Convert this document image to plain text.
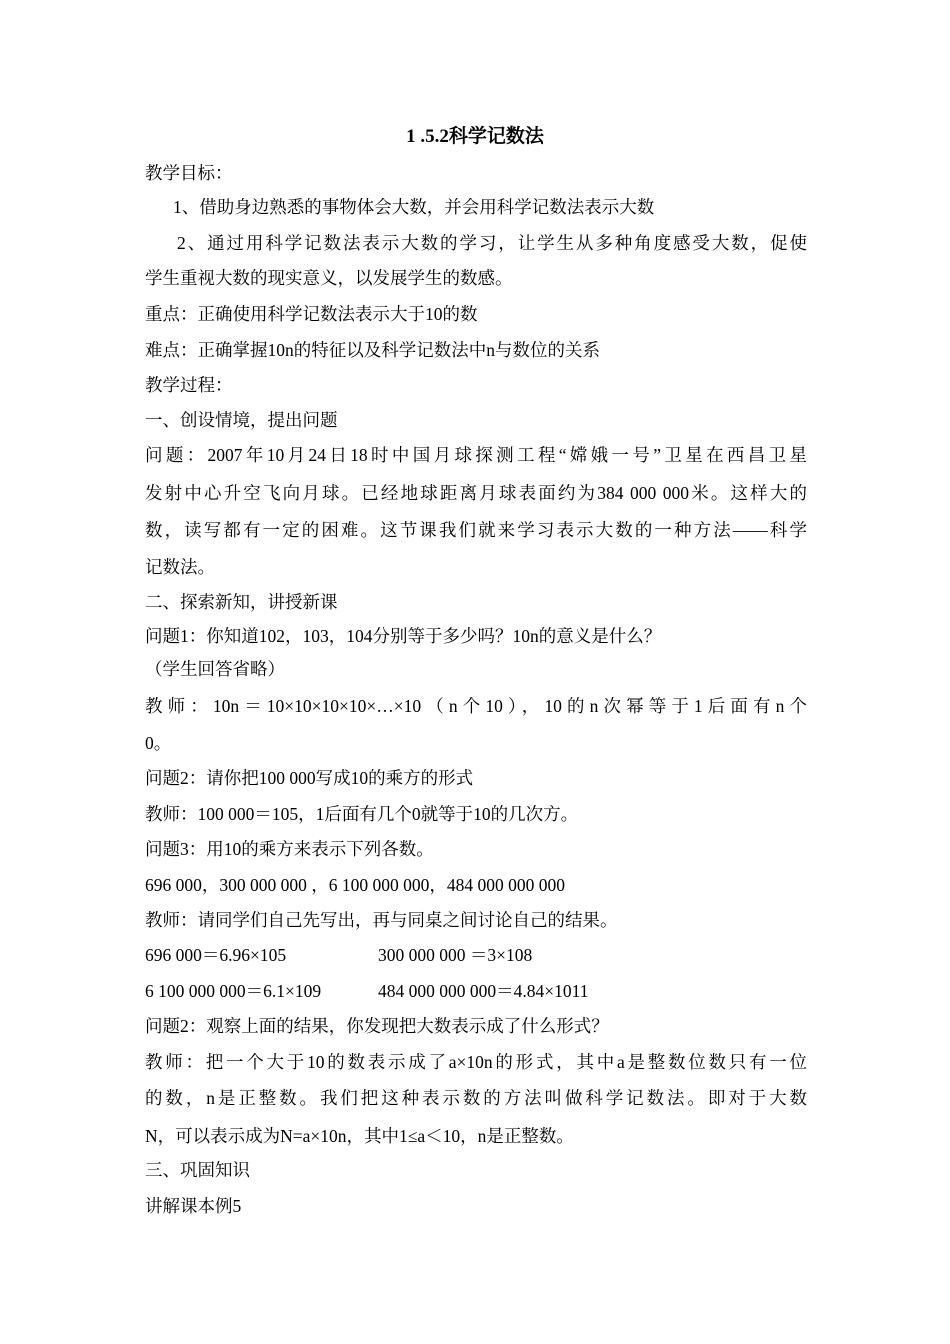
1 .5.2科学记数法
教学目标：
1、借助身边熟悉的事物体会大数，并会用科学记数法表示大数
2、通过用科学记数法表示大数的学习，让学生从多种角度感受大数，促使
学生重视大数的现实意义，以发展学生的数感。
重点：正确使用科学记数法表示大于10的数
难点：正确掌握10n的特征以及科学记数法中n与数位的关系
教学过程：
一、创设情境，提出问题
问题：2007年10月24日18时中国月球探测工程“嫦娥一号”卫星在西昌卫星
发射中心升空飞向月球。已经地球距离月球表面约为384 000 000米。这样大的
数，读写都有一定的困难。这节课我们就来学习表示大数的一种方法——科学
记数法。
二、探索新知，讲授新课
问题1：你知道102，103，104分别等于多少吗？10n的意义是什么？
（学生回答省略）
教师：10n＝10×10×10×10×…×10（n个10），10的n次幂等于1后面有n个
0。
问题2：请你把100 000写成10的乘方的形式
教师：100 000＝105，1后面有几个0就等于10的几次方。
问题3：用10的乘方来表示下列各数。
696 000，300 000 000 ，6 100 000 000，484 000 000 000
教师：请同学们自己先写出，再与同桌之间讨论自己的结果。
696 000＝6.96×105	300 000 000 ＝3×108
6 100 000 000＝6.1×109	484 000 000 000＝4.84×1011
问题2：观察上面的结果，你发现把大数表示成了什么形式？
教师：把一个大于10的数表示成了a×10n的形式，其中a是整数位数只有一位
的数，n是正整数。我们把这种表示数的方法叫做科学记数法。即对于大数
N，可以表示成为N=a×10n，其中1≤a＜10，n是正整数。
三、巩固知识
讲解课本例5
